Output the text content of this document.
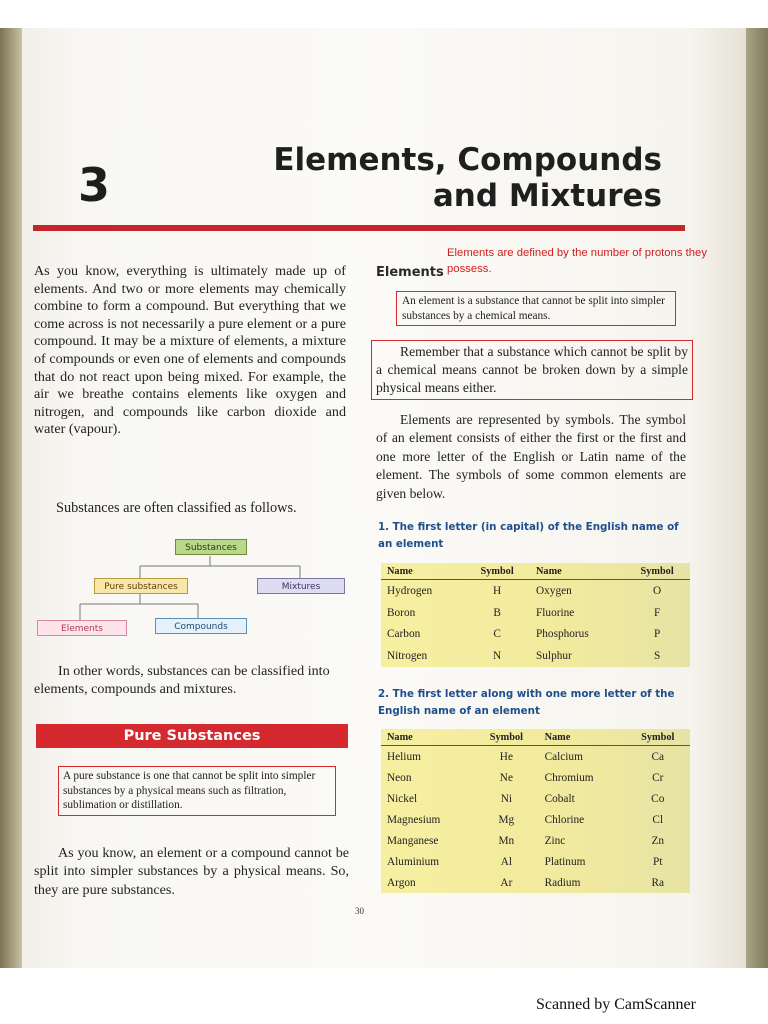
3	Elements, Compounds
and Mixtures

As you know, everything is ultimately made up of elements. And two or more elements may chemically combine to form a compound. But everything that we come across is not necessarily a pure element or a pure compound. It may be a mixture of elements, a mixture of compounds or even one of elements and compounds that do not react upon being mixed. For example, the air we breathe contains elements like oxygen and nitrogen, and compounds like carbon dioxide and water (vapour).

Substances are often classified as follows.
Substances
Pure substances	Mixtures
Elements	Compounds

In other words, substances can be classified into elements, compounds and mixtures.

Pure Substances
A pure substance is one that cannot be split into simpler substances by a physical means such as filtration, sublimation or distillation.

As you know, an element or a compound cannot be split into simpler substances by a physical means. So, they are pure substances.

Elements are defined by the number of protons they possess.
Elements
An element is a substance that cannot be split into simpler substances by a chemical means.
Remember that a substance which cannot be split by a chemical means cannot be broken down by a simple physical means either.

Elements are represented by symbols. The symbol of an element consists of either the first or the first and one more letter of the English or Latin name of the element. The symbols of some common elements are given below.

1. The first letter (in capital) of the English name of an element
Name	Symbol	Name	Symbol
Hydrogen	H	Oxygen	O
Boron	B	Fluorine	F
Carbon	C	Phosphorus	P
Nitrogen	N	Sulphur	S
2. The first letter along with one more letter of the English name of an element
Name	Symbol	Name	Symbol
Helium	He	Calcium	Ca
Neon	Ne	Chromium	Cr
Nickel	Ni	Cobalt	Co
Magnesium	Mg	Chlorine	Cl
Manganese	Mn	Zinc	Zn
Aluminium	Al	Platinum	Pt
Argon	Ar	Radium	Ra
30
Scanned by CamScanner
